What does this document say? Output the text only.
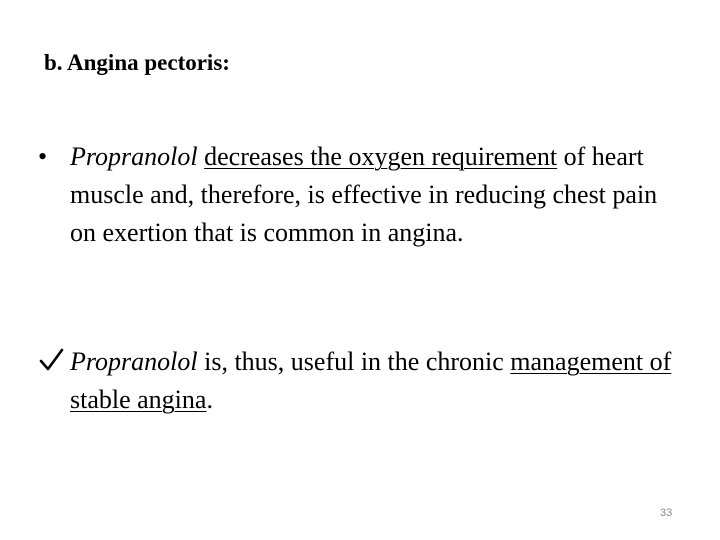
b. Angina pectoris:
• Propranolol decreases the oxygen requirement of heart muscle and, therefore, is effective in reducing chest pain on exertion that is common in angina.
Propranolol is, thus, useful in the chronic management of stable angina.
33
